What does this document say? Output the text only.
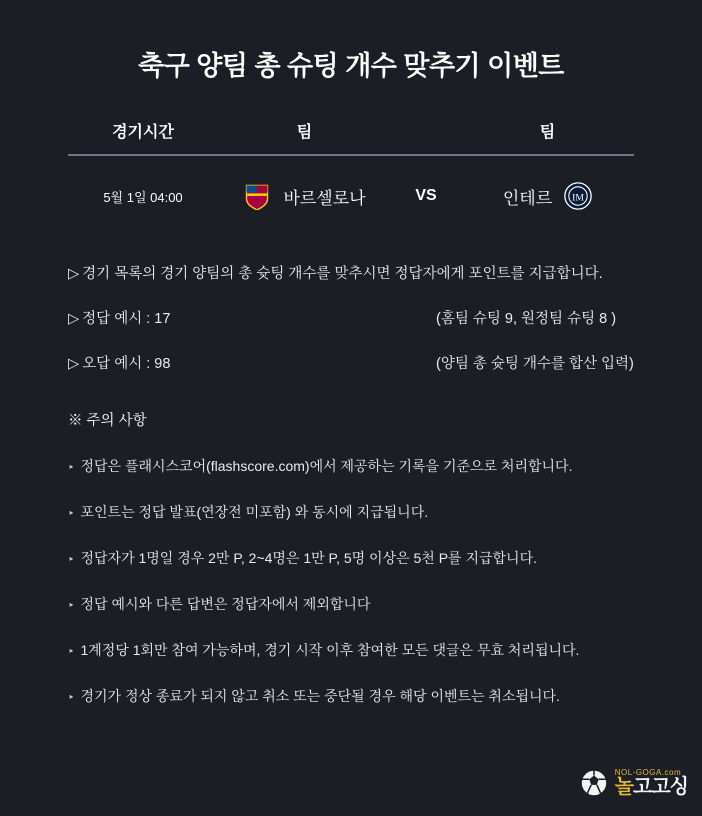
축구 양팀 총 슈팅 개수 맞추기 이벤트
경기시간	팀	팀
5월 1일 04:00	바르셀로나	VS	인테르 IM
▷ 경기 목록의 경기 양팀의 총 슛팅 개수를 맞추시면 정답자에게 포인트를 지급합니다.
▷ 정답 예시 : 17	(홈팀 슈팅 9, 원정팀 슈팅 8 )
▷ 오답 예시 : 98	(양팀 총 슛팅 개수를 합산 입력)
※ 주의 사항
‣ 정답은 플래시스코어(flashscore.com)에서 제공하는 기록을 기준으로 처리합니다.
‣ 포인트는 정답 발표(연장전 미포함) 와 동시에 지급됩니다.
‣ 정답자가 1명일 경우 2만 P, 2~4명은 1만 P, 5명 이상은 5천 P를 지급합니다.
‣ 정답 예시와 다른 답변은 정답자에서 제외합니다
‣ 1계정당 1회만 참여 가능하며, 경기 시작 이후 참여한 모든 댓글은 무효 처리됩니다.
‣ 경기가 정상 종료가 되지 않고 취소 또는 중단될 경우 해당 이벤트는 취소됩니다.
NOL-GOGA.com
놀고고싱
